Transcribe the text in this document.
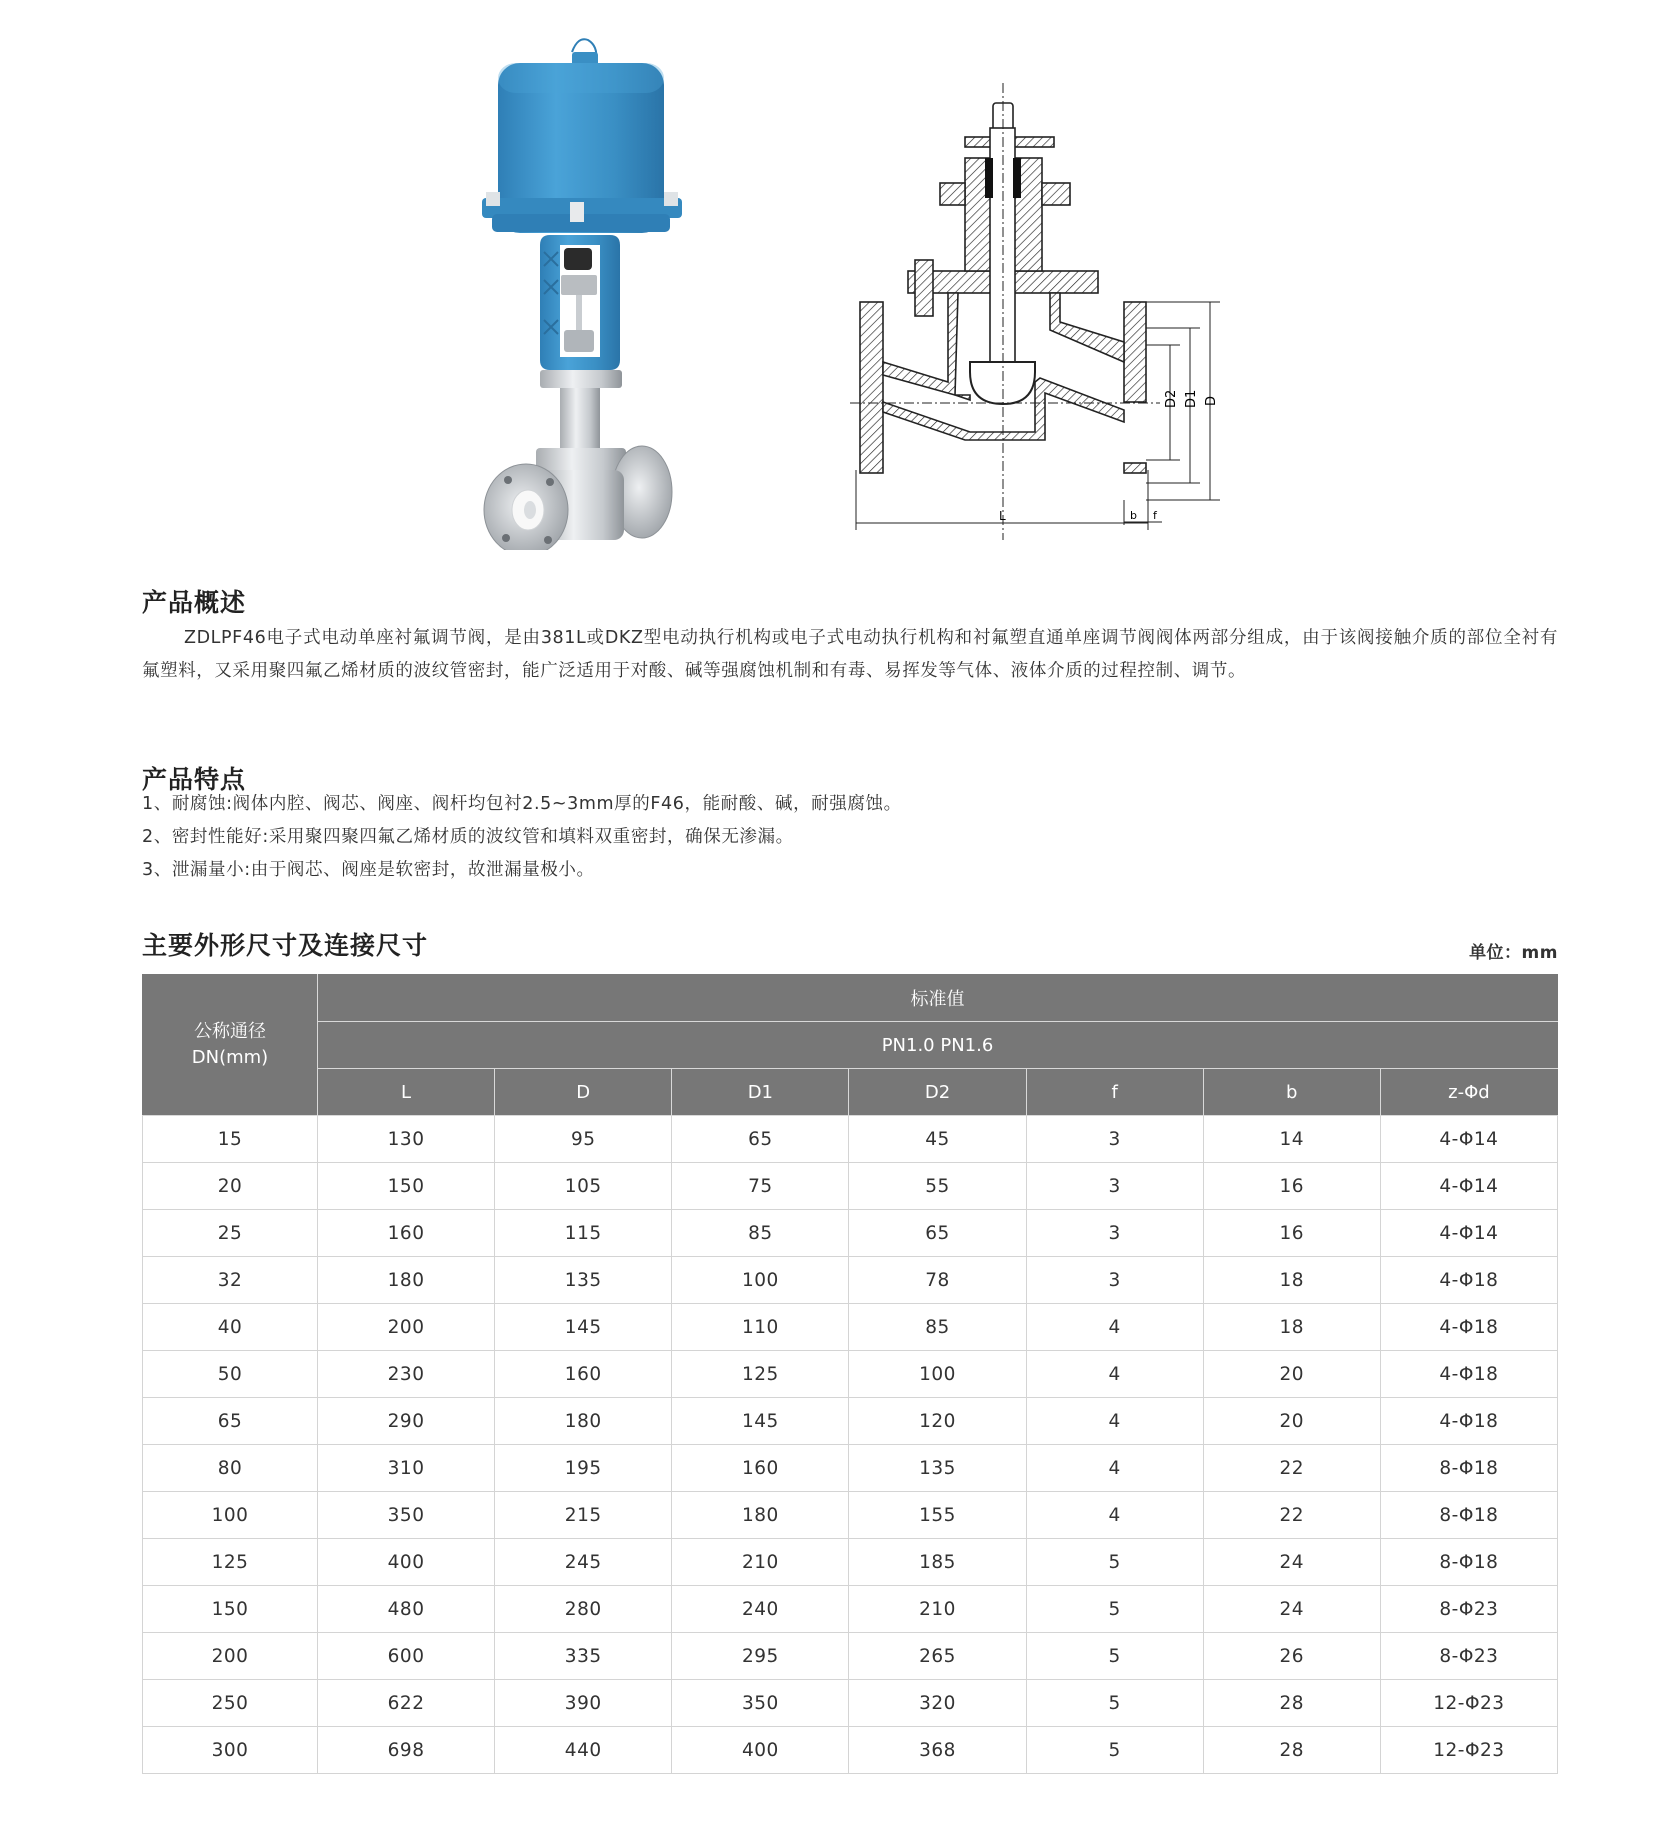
D2 D1 D
L	b f
产品概述

ZDLPF46电子式电动单座衬氟调节阀，是由381L或DKZ型电动执行机构或电子式电动执行机构和衬氟塑直通单座调节阀阀体两部分组成，由于该阀接触介质的部位全衬有氟塑料，又采用聚四氟乙烯材质的波纹管密封，能广泛适用于对酸、碱等强腐蚀机制和有毒、易挥发等气体、液体介质的过程控制、调节。

产品特点
1、耐腐蚀:阀体内腔、阀芯、阀座、阀杆均包衬2.5~3mm厚的F46，能耐酸、碱，耐强腐蚀。
2、密封性能好:采用聚四聚四氟乙烯材质的波纹管和填料双重密封，确保无渗漏。
3、泄漏量小:由于阀芯、阀座是软密封，故泄漏量极小。
主要外形尺寸及连接尺寸	单位：mm
公称通径
DN(mm)	标准值						
	PN1.0 PN1.6						
	L	D	D1	D2	f	b	z-Φd
15	130	95	65	45	3	14	4-Φ14
20	150	105	75	55	3	16	4-Φ14
25	160	115	85	65	3	16	4-Φ14
32	180	135	100	78	3	18	4-Φ18
40	200	145	110	85	4	18	4-Φ18
50	230	160	125	100	4	20	4-Φ18
65	290	180	145	120	4	20	4-Φ18
80	310	195	160	135	4	22	8-Φ18
100	350	215	180	155	4	22	8-Φ18
125	400	245	210	185	5	24	8-Φ18
150	480	280	240	210	5	24	8-Φ23
200	600	335	295	265	5	26	8-Φ23
250	622	390	350	320	5	28	12-Φ23
300	698	440	400	368	5	28	12-Φ23
